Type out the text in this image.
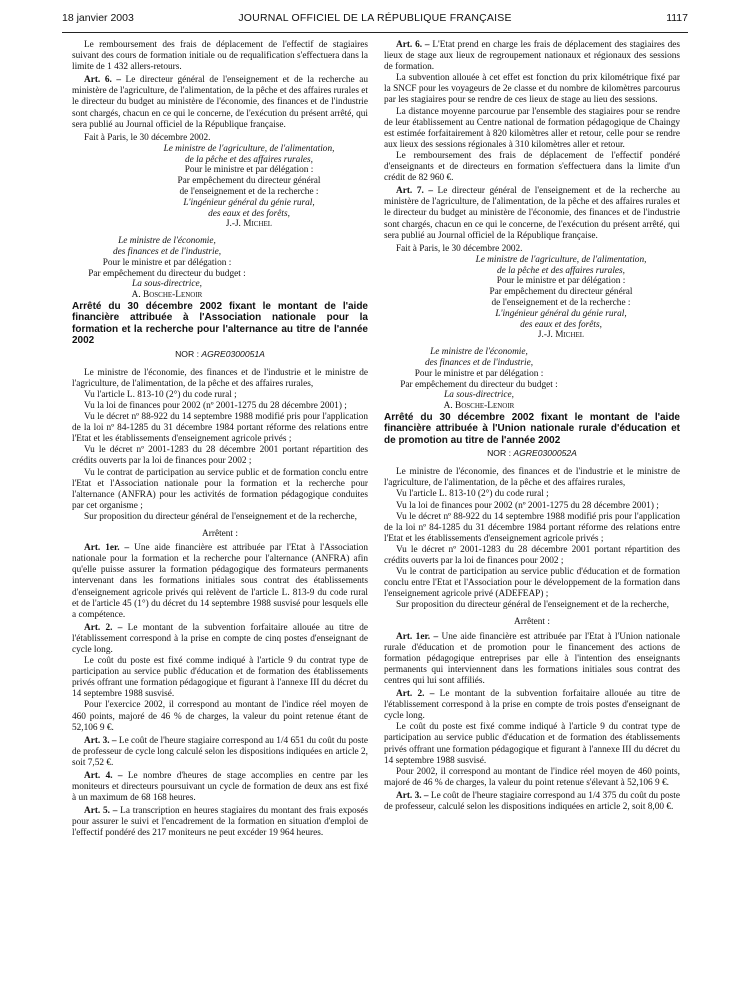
18 janvier 2003	JOURNAL OFFICIEL DE LA RÉPUBLIQUE FRANÇAISE	1117

Le remboursement des frais de déplacement de l'effectif de stagiaires suivant des cours de formation initiale ou de requalification s'effectuera dans la limite de 1 432 allers-retours.

Art. 6. – Le directeur général de l'enseignement et de la recherche au ministère de l'agriculture, de l'alimentation, de la pêche et des affaires rurales et le directeur du budget au ministère de l'économie, des finances et de l'industrie sont chargés, chacun en ce qui le concerne, de l'exécution du présent arrêté, qui sera publié au Journal officiel de la République française.

Fait à Paris, le 30 décembre 2002.

Le ministre de l'agriculture, de l'alimentation,
de la pêche et des affaires rurales,
Pour le ministre et par délégation :
Par empêchement du directeur général
de l'enseignement et de la recherche :
L'ingénieur général du génie rural,
des eaux et des forêts,
J.-J. Michel
Le ministre de l'économie,
des finances et de l'industrie,
Pour le ministre et par délégation :
Par empêchement du directeur du budget :
La sous-directrice,
A. Bosche-Lenoir

Arrêté du 30 décembre 2002 fixant le montant de l'aide financière attribuée à l'Association nationale pour la formation et la recherche pour l'alternance au titre de l'année 2002

NOR : AGRE0300051A

Le ministre de l'économie, des finances et de l'industrie et le ministre de l'agriculture, de l'alimentation, de la pêche et des affaires rurales,

Vu l'article L. 813-10 (2°) du code rural ;

Vu la loi de finances pour 2002 (nº 2001-1275 du 28 décembre 2001) ;

Vu le décret nº 88-922 du 14 septembre 1988 modifié pris pour l'application de la loi nº 84-1285 du 31 décembre 1984 portant réforme des relations entre l'Etat et les établissements d'enseignement agricole privés ;

Vu le décret nº 2001-1283 du 28 décembre 2001 portant répartition des crédits ouverts par la loi de finances pour 2002 ;

Vu le contrat de participation au service public et de formation conclu entre l'Etat et l'Association nationale pour la formation et la recherche pour l'alternance (ANFRA) pour les activités de formation pédagogique conduites par cet organisme ;

Sur proposition du directeur général de l'enseignement et de la recherche,

Arrêtent :

Art. 1er. – Une aide financière est attribuée par l'Etat à l'Association nationale pour la formation et la recherche pour l'alternance (ANFRA) afin qu'elle puisse assurer la formation pédagogique des formateurs permanents intervenant dans les formations initiales sous contrat des établissements d'enseignement agricole privés qui relèvent de l'article L. 813-9 du code rural et de l'article 45 (1°) du décret du 14 septembre 1988 susvisé pour lesquels elle a compétence.

Art. 2. – Le montant de la subvention forfaitaire allouée au titre de l'établissement correspond à la prise en compte de cinq postes d'enseignant de cycle long.

Le coût du poste est fixé comme indiqué à l'article 9 du contrat type de participation au service public d'éducation et de formation des établissements privés offrant une formation pédagogique et figurant à l'annexe III du décret du 14 septembre 1988 susvisé.

Pour l'exercice 2002, il correspond au montant de l'indice réel moyen de 460 points, majoré de 46 % de charges, la valeur du point retenue étant de 52,106 9 €.

Art. 3. – Le coût de l'heure stagiaire correspond au 1/4 651 du coût du poste de professeur de cycle long calculé selon les dispositions indiquées en article 2, soit 7,52 €.

Art. 4. – Le nombre d'heures de stage accomplies en centre par les moniteurs et directeurs poursuivant un cycle de formation de deux ans est fixé à un maximum de 68 168 heures.

Art. 5. – La transcription en heures stagiaires du montant des frais exposés pour assurer le suivi et l'encadrement de la formation en situation d'emploi de l'effectif pondéré des 217 moniteurs ne peut excéder 19 964 heures.

Art. 6. – L'Etat prend en charge les frais de déplacement des stagiaires des lieux de stage aux lieux de regroupement nationaux et régionaux des sessions de formation.

La subvention allouée à cet effet est fonction du prix kilométrique fixé par la SNCF pour les voyageurs de 2e classe et du nombre de kilomètres parcourus par les stagiaires pour se rendre de ces lieux de stage au lieu des sessions.

La distance moyenne parcourue par l'ensemble des stagiaires pour se rendre de leur établissement au Centre national de formation pédagogique de Chaingy est estimée forfaitairement à 820 kilomètres aller et retour, celle pour se rendre aux lieux des sessions régionales à 310 kilomètres aller et retour.

Le remboursement des frais de déplacement de l'effectif pondéré d'enseignants et de directeurs en formation s'effectuera dans la limite d'un crédit de 82 960 €.

Art. 7. – Le directeur général de l'enseignement et de la recherche au ministère de l'agriculture, de l'alimentation, de la pêche et des affaires rurales et le directeur du budget au ministère de l'économie, des finances et de l'industrie sont chargés, chacun en ce qui le concerne, de l'exécution du présent arrêté, qui sera publié au Journal officiel de la République française.

Fait à Paris, le 30 décembre 2002.

Le ministre de l'agriculture, de l'alimentation,
de la pêche et des affaires rurales,
Pour le ministre et par délégation :
Par empêchement du directeur général
de l'enseignement et de la recherche :
L'ingénieur général du génie rural,
des eaux et des forêts,
J.-J. Michel
Le ministre de l'économie,
des finances et de l'industrie,
Pour le ministre et par délégation :
Par empêchement du directeur du budget :
La sous-directrice,
A. Bosche-Lenoir

Arrêté du 30 décembre 2002 fixant le montant de l'aide financière attribuée à l'Union nationale rurale d'éducation et de promotion au titre de l'année 2002

NOR : AGRE0300052A

Le ministre de l'économie, des finances et de l'industrie et le ministre de l'agriculture, de l'alimentation, de la pêche et des affaires rurales,

Vu l'article L. 813-10 (2°) du code rural ;

Vu la loi de finances pour 2002 (nº 2001-1275 du 28 décembre 2001) ;

Vu le décret nº 88-922 du 14 septembre 1988 modifié pris pour l'application de la loi nº 84-1285 du 31 décembre 1984 portant réforme des relations entre l'Etat et les établissements d'enseignement agricole privés ;

Vu le décret nº 2001-1283 du 28 décembre 2001 portant répartition des crédits ouverts par la loi de finances pour 2002 ;

Vu le contrat de participation au service public d'éducation et de formation conclu entre l'Etat et l'Association pour le développement de la formation dans l'enseignement agricole privé (ADEFEAP) ;

Sur proposition du directeur général de l'enseignement et de la recherche,

Arrêtent :

Art. 1er. – Une aide financière est attribuée par l'Etat à l'Union nationale rurale d'éducation et de promotion pour le financement des actions de formation pédagogique entreprises par elle à l'intention des enseignants permanents qui interviennent dans les formations initiales sous contrat des centres qui lui sont affiliés.

Art. 2. – Le montant de la subvention forfaitaire allouée au titre de l'établissement correspond à la prise en compte de trois postes d'enseignant de cycle long.

Le coût du poste est fixé comme indiqué à l'article 9 du contrat type de participation au service public d'éducation et de formation des établissements privés offrant une formation pédagogique et figurant à l'annexe III du décret du 14 septembre 1988 susvisé.

Pour 2002, il correspond au montant de l'indice réel moyen de 460 points, majoré de 46 % de charges, la valeur du point retenue s'élevant à 52,106 9 €.

Art. 3. – Le coût de l'heure stagiaire correspond au 1/4 375 du coût du poste de professeur, calculé selon les dispositions indiquées en article 2, soit 8,00 €.
